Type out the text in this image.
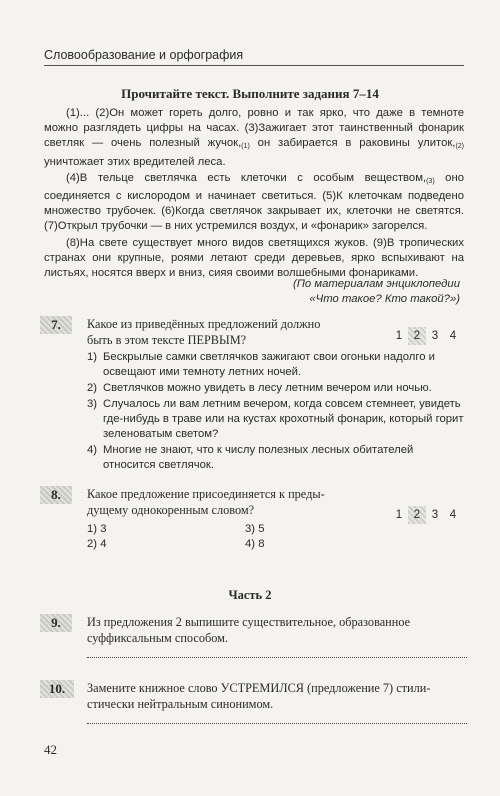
Словообразование и орфография
Прочитайте текст. Выполните задания 7–14

(1)... (2)Он может гореть долго, ровно и так ярко, что даже в темноте можно разглядеть цифры на часах. (3)Зажигает этот таинственный фонарик светляк — очень полезный $жучок,_{(1)}$ он забирается в раковины $улиток,_{(2)}$ уничтожает этих вредителей леса.

(4)В тельце светлячка есть клеточки с особым $веществом,_{(3)}$ оно соединяется с кислородом и начинает светиться. (5)К клеточкам подведено множество трубочек. (6)Когда светлячок закрывает их, клеточки не светятся. (7)Открыл трубочки — в них устремился воздух, и «фонарик» загорелся.

(8)На свете существует много видов светящихся жуков. (9)В тропических странах они крупные, роями летают среди деревьев, ярко вспыхивают на листьях, носятся вверх и вниз, сияя своими волшебными фонариками.

(По материалам энциклопедии
«Что такое? Кто такой?»)
7.	Какое из приведённых предложений должно
быть в этом тексте ПЕРВЫМ?	1	2	3	4
1) Бескрылые самки светлячков зажигают свои огоньки надолго и освещают ими темноту летних ночей.
2) Светлячков можно увидеть в лесу летним вечером или ночью.
3) Случалось ли вам летним вечером, когда совсем стемнеет, увидеть где-нибудь в траве или на кустах крохотный фонарик, который горит зеленоватым светом?
4) Многие не знают, что к числу полезных лесных обитателей относится светлячок.
8.	Какое предложение присоединяется к преды-
дущему однокоренным словом?	1	2	3	4
1) 3	3) 5
2) 4	4) 8
Часть 2
9.	Из предложения 2 выпишите существительное, образованное
суффиксальным способом.
10.	Замените книжное слово УСТРЕМИЛСЯ (предложение 7) стили-
стически нейтральным синонимом.
42
